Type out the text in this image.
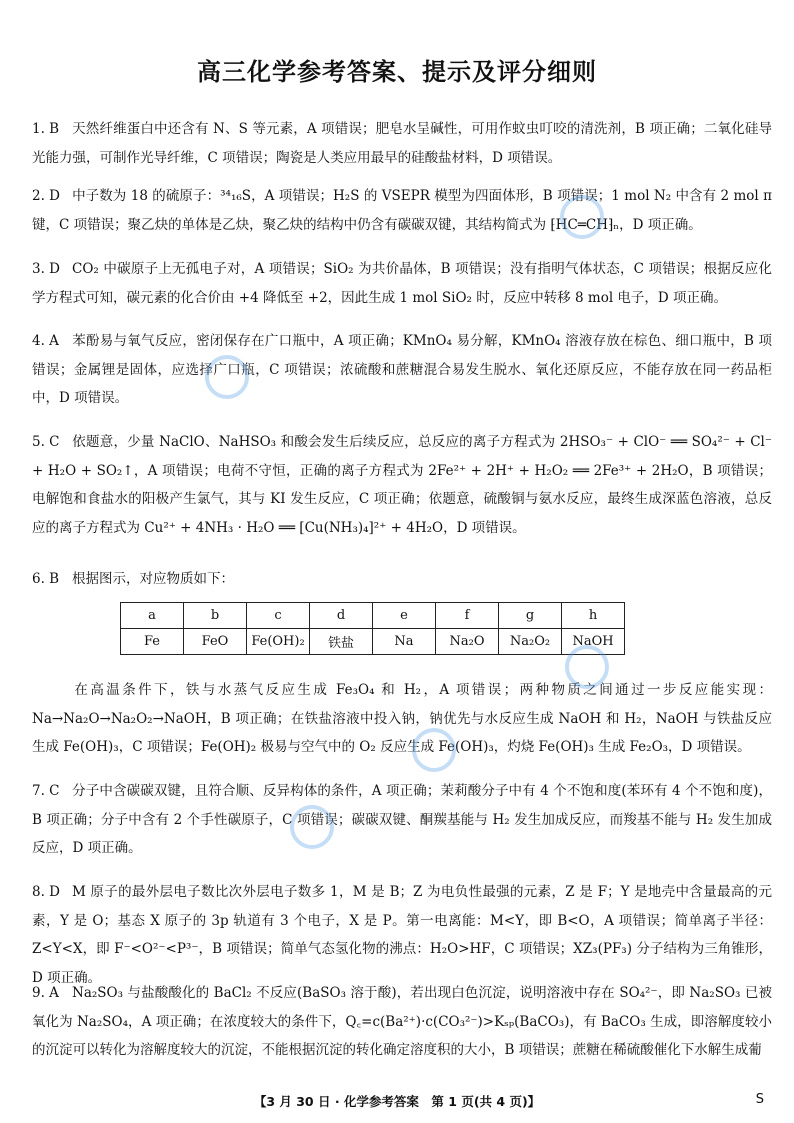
高三化学参考答案、提示及评分细则

1. B 天然纤维蛋白中还含有 N、S 等元素，A 项错误；肥皂水呈碱性，可用作蚊虫叮咬的清洗剂，B 项正确；二氧化硅导光能力强，可制作光导纤维，C 项错误；陶瓷是人类应用最早的硅酸盐材料，D 项错误。

2. D 中子数为 18 的硫原子：³⁴₁₆S，A 项错误；H₂S 的 VSEPR 模型为四面体形，B 项错误；1 mol N₂ 中含有 2 mol π 键，C 项错误；聚乙炔的单体是乙炔，聚乙炔的结构中仍含有碳碳双键，其结构简式为 ⁅HC═CH⁆ₙ，D 项正确。

3. D CO₂ 中碳原子上无孤电子对，A 项错误；SiO₂ 为共价晶体，B 项错误；没有指明气体状态，C 项错误；根据反应化学方程式可知，碳元素的化合价由 +4 降低至 +2，因此生成 1 mol SiO₂ 时，反应中转移 8 mol 电子，D 项正确。

4. A 苯酚易与氧气反应，密闭保存在广口瓶中，A 项正确；KMnO₄ 易分解，KMnO₄ 溶液存放在棕色、细口瓶中，B 项错误；金属锂是固体，应选择广口瓶，C 项错误；浓硫酸和蔗糖混合易发生脱水、氧化还原反应，不能存放在同一药品柜中，D 项错误。

5. C 依题意，少量 NaClO、NaHSO₃ 和酸会发生后续反应，总反应的离子方程式为 2HSO₃⁻ + ClO⁻ ══ SO₄²⁻ + Cl⁻ + H₂O + SO₂↑，A 项错误；电荷不守恒，正确的离子方程式为 2Fe²⁺ + 2H⁺ + H₂O₂ ══ 2Fe³⁺ + 2H₂O，B 项错误；电解饱和食盐水的阳极产生氯气，其与 KI 发生反应，C 项正确；依题意，硫酸铜与氨水反应，最终生成深蓝色溶液，总反应的离子方程式为 Cu²⁺ + 4NH₃ · H₂O ══ [Cu(NH₃)₄]²⁺ + 4H₂O，D 项错误。

6. B 根据图示，对应物质如下：

a	b	c	d	e	f	g	h
Fe	FeO	Fe(OH)₂	铁盐	Na	Na₂O	Na₂O₂	NaOH

在高温条件下，铁与水蒸气反应生成 Fe₃O₄ 和 H₂，A 项错误；两种物质之间通过一步反应能实现：Na→Na₂O→Na₂O₂→NaOH，B 项正确；在铁盐溶液中投入钠，钠优先与水反应生成 NaOH 和 H₂，NaOH 与铁盐反应生成 Fe(OH)₃，C 项错误；Fe(OH)₂ 极易与空气中的 O₂ 反应生成 Fe(OH)₃，灼烧 Fe(OH)₃ 生成 Fe₂O₃，D 项错误。

7. C 分子中含碳碳双键，且符合顺、反异构体的条件，A 项正确；茉莉酸分子中有 4 个不饱和度(苯环有 4 个不饱和度)，B 项正确；分子中含有 2 个手性碳原子，C 项错误；碳碳双键、酮羰基能与 H₂ 发生加成反应，而羧基不能与 H₂ 发生加成反应，D 项正确。

8. D M 原子的最外层电子数比次外层电子数多 1，M 是 B；Z 为电负性最强的元素，Z 是 F；Y 是地壳中含量最高的元素，Y 是 O；基态 X 原子的 3p 轨道有 3 个电子，X 是 P。第一电离能：M<Y，即 B<O，A 项错误；简单离子半径：Z<Y<X，即 F⁻<O²⁻<P³⁻，B 项错误；简单气态氢化物的沸点：H₂O>HF，C 项错误；XZ₃(PF₃) 分子结构为三角锥形，D 项正确。

9. A Na₂SO₃ 与盐酸酸化的 BaCl₂ 不反应(BaSO₃ 溶于酸)，若出现白色沉淀，说明溶液中存在 SO₄²⁻，即 Na₂SO₃ 已被氧化为 Na₂SO₄，A 项正确；在浓度较大的条件下，Q꜀=c(Ba²⁺)·c(CO₃²⁻)>Kₛₚ(BaCO₃)，有 BaCO₃ 生成，即溶解度较小的沉淀可以转化为溶解度较大的沉淀，不能根据沉淀的转化确定溶度积的大小，B 项错误；蔗糖在稀硫酸催化下水解生成葡

【3 月 30 日 · 化学参考答案　第 1 页(共 4 页)】	S
